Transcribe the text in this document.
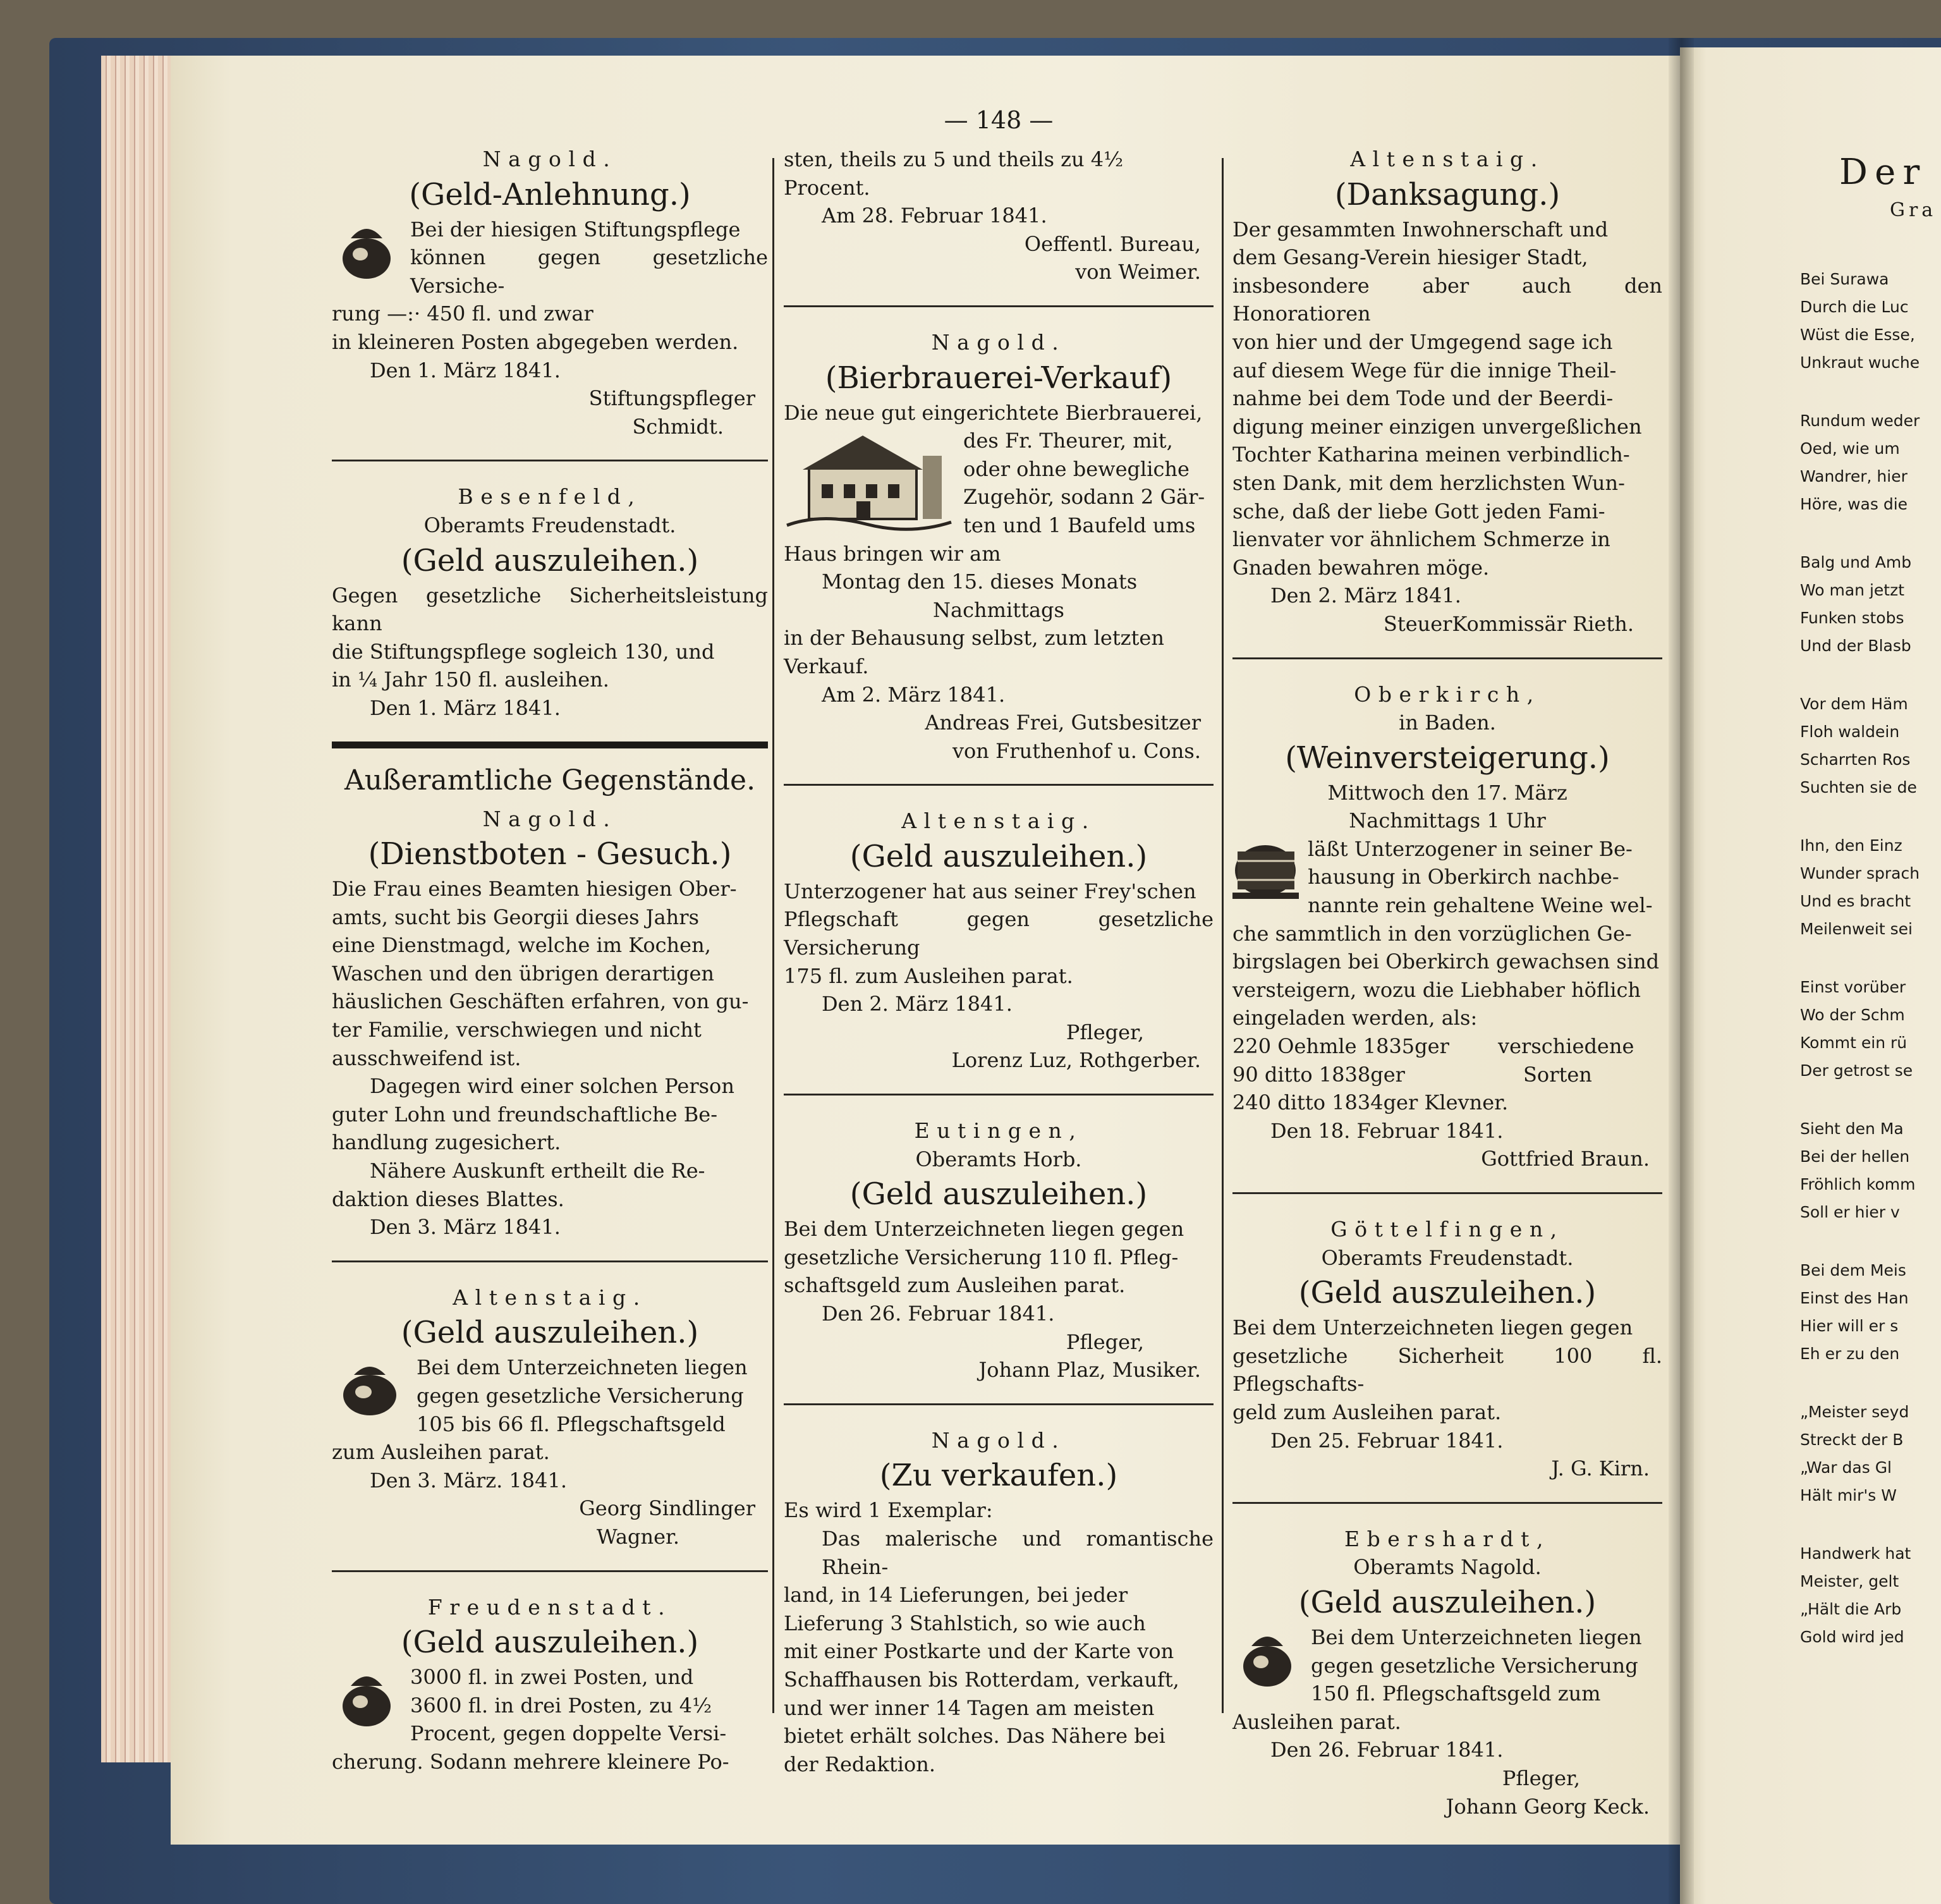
— 148 —
Nagold.
(Geld-Anlehnung.)
Bei der hiesigen Stiftungspflege
können gegen gesetzliche Versiche-
rung —:· 450 fl. und zwar
in kleineren Posten abgegeben werden.
Den 1. März 1841.
Stiftungspfleger
Schmidt.
Besenfeld,
Oberamts Freudenstadt.
(Geld auszuleihen.)
Gegen gesetzliche Sicherheitsleistung kann
die Stiftungspflege sogleich 130, und
in ¼ Jahr 150 fl. ausleihen.
Den 1. März 1841.
Außeramtliche Gegenstände.
Nagold.
(Dienstboten - Gesuch.)
Die Frau eines Beamten hiesigen Ober-
amts, sucht bis Georgii dieses Jahrs
eine Dienstmagd, welche im Kochen,
Waschen und den übrigen derartigen
häuslichen Geschäften erfahren, von gu-
ter Familie, verschwiegen und nicht
ausschweifend ist.
Dagegen wird einer solchen Person
guter Lohn und freundschaftliche Be-
handlung zugesichert.
Nähere Auskunft ertheilt die Re-
daktion dieses Blattes.
Den 3. März 1841.
Altenstaig.
(Geld auszuleihen.)
Bei dem Unterzeichneten liegen
gegen gesetzliche Versicherung
105 bis 66 fl. Pflegschaftsgeld
zum Ausleihen parat.
Den 3. März. 1841.
Georg Sindlinger
Wagner.
Freudenstadt.
(Geld auszuleihen.)
3000 fl. in zwei Posten, und
3600 fl. in drei Posten, zu 4½
Procent, gegen doppelte Versi-
cherung. Sodann mehrere kleinere Po-
sten, theils zu 5 und theils zu 4½
Procent.
Am 28. Februar 1841.
Oeffentl. Bureau,
von Weimer.
Nagold.
(Bierbrauerei-Verkauf)
Die neue gut eingerichtete Bierbrauerei,
des Fr. Theurer, mit,
oder ohne bewegliche
Zugehör, sodann 2 Gär-
ten und 1 Baufeld ums
Haus bringen wir am
Montag den 15. dieses Monats
Nachmittags
in der Behausung selbst, zum letzten
Verkauf.
Am 2. März 1841.
Andreas Frei, Gutsbesitzer
von Fruthenhof u. Cons.
Altenstaig.
(Geld auszuleihen.)
Unterzogener hat aus seiner Frey'schen
Pflegschaft gegen gesetzliche Versicherung
175 fl. zum Ausleihen parat.
Den 2. März 1841.
Pfleger,
Lorenz Luz, Rothgerber.
Eutingen,
Oberamts Horb.
(Geld auszuleihen.)
Bei dem Unterzeichneten liegen gegen
gesetzliche Versicherung 110 fl. Pfleg-
schaftsgeld zum Ausleihen parat.
Den 26. Februar 1841.
Pfleger,
Johann Plaz, Musiker.
Nagold.
(Zu verkaufen.)
Es wird 1 Exemplar:
Das malerische und romantische Rhein-
land, in 14 Lieferungen, bei jeder
Lieferung 3 Stahlstich, so wie auch
mit einer Postkarte und der Karte von
Schaffhausen bis Rotterdam, verkauft,
und wer inner 14 Tagen am meisten
bietet erhält solches. Das Nähere bei
der Redaktion.
Altenstaig.
(Danksagung.)
Der gesammten Inwohnerschaft und
dem Gesang-Verein hiesiger Stadt,
insbesondere aber auch den Honoratioren
von hier und der Umgegend sage ich
auf diesem Wege für die innige Theil-
nahme bei dem Tode und der Beerdi-
digung meiner einzigen unvergeßlichen
Tochter Katharina meinen verbindlich-
sten Dank, mit dem herzlichsten Wun-
sche, daß der liebe Gott jeden Fami-
lienvater vor ähnlichem Schmerze in
Gnaden bewahren möge.
Den 2. März 1841.
SteuerKommissär Rieth.
Oberkirch,
in Baden.
(Weinversteigerung.)
Mittwoch den 17. März
Nachmittags 1 Uhr
läßt Unterzogener in seiner Be-
hausung in Oberkirch nachbe-
nannte rein gehaltene Weine wel-
che sammtlich in den vorzüglichen Ge-
birgslagen bei Oberkirch gewachsen sind
versteigern, wozu die Liebhaber höflich
eingeladen werden, als:
220 Oehmle 1835ger	verschiedene
90 ditto 1838ger	Sorten
240 ditto 1834ger Klevner.
Den 18. Februar 1841.
Gottfried Braun.
Göttelfingen,
Oberamts Freudenstadt.
(Geld auszuleihen.)
Bei dem Unterzeichneten liegen gegen
gesetzliche Sicherheit 100 fl. Pflegschafts-
geld zum Ausleihen parat.
Den 25. Februar 1841.
J. G. Kirn.
Ebershardt,
Oberamts Nagold.
(Geld auszuleihen.)
Bei dem Unterzeichneten liegen
gegen gesetzliche Versicherung
150 fl. Pflegschaftsgeld zum
Ausleihen parat.
Den 26. Februar 1841.
Pfleger,
Johann Georg Keck.
Der
Gra
Bei Surawa
Durch die Luc
Wüst die Esse,
Unkraut wuche
Rundum weder
Oed, wie um
Wandrer, hier
Höre, was die
Balg und Amb
Wo man jetzt
Funken stobs
Und der Blasb
Vor dem Häm
Floh waldein
Scharrten Ros
Suchten sie de
Ihn, den Einz
Wunder sprach
Und es bracht
Meilenweit sei
Einst vorüber
Wo der Schm
Kommt ein rü
Der getrost se
Sieht den Ma
Bei der hellen
Fröhlich komm
Soll er hier v
Bei dem Meis
Einst des Han
Hier will er s
Eh er zu den
„Meister seyd
Streckt der B
„War das Gl
Hält mir's W
Handwerk hat
Meister, gelt
„Hält die Arb
Gold wird jed
